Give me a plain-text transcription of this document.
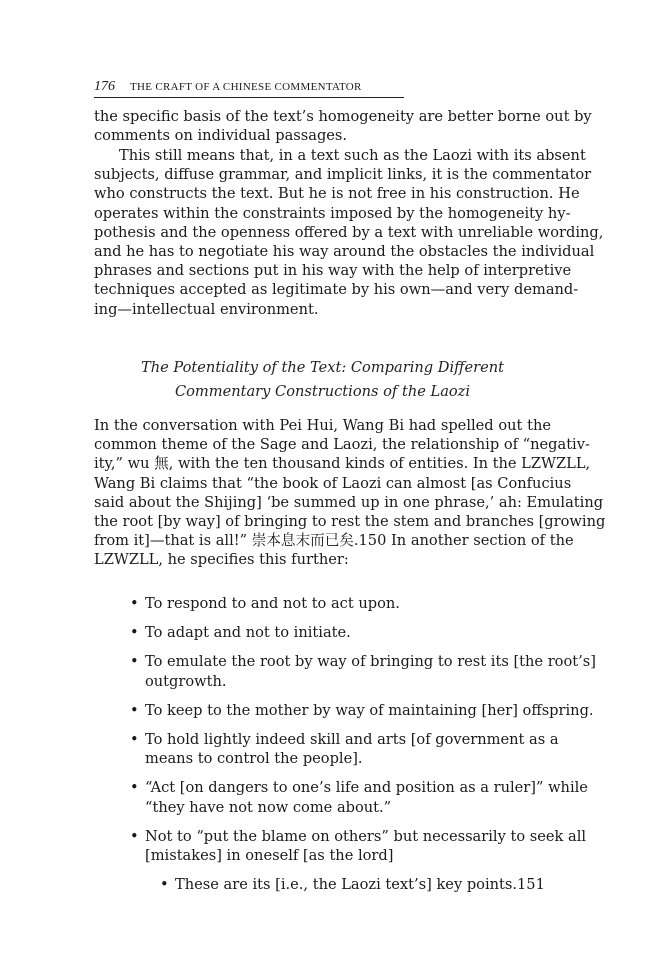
176 THE CRAFT OF A CHINESE COMMENTATOR
the specific basis of the text’s homogeneity are better borne out by
comments on individual passages.
This still means that, in a text such as the Laozi with its absent
subjects, diffuse grammar, and implicit links, it is the commentator
who constructs the text. But he is not free in his construction. He
operates within the constraints imposed by the homogeneity hy-
pothesis and the openness offered by a text with unreliable wording,
and he has to negotiate his way around the obstacles the individual
phrases and sections put in his way with the help of interpretive
techniques accepted as legitimate by his own—and very demand-
ing—intellectual environment.
The Potentiality of the Text: Comparing Different
Commentary Constructions of the Laozi
In the conversation with Pei Hui, Wang Bi had spelled out the
common theme of the Sage and Laozi, the relationship of “negativ-
ity,” wu 無, with the ten thousand kinds of entities. In the LZWZLL,
Wang Bi claims that “the book of Laozi can almost [as Confucius
said about the Shijing] ‘be summed up in one phrase,’ ah: Emulating
the root [by way] of bringing to rest the stem and branches [growing
from it]—that is all!” 崇本息末而已矣.150 In another section of the
LZWZLL, he specifies this further:
• To respond to and not to act upon.
• To adapt and not to initiate.
• To emulate the root by way of bringing to rest its [the root’s]
outgrowth.
• To keep to the mother by way of maintaining [her] offspring.
• To hold lightly indeed skill and arts [of government as a
means to control the people].
• “Act [on dangers to one’s life and position as a ruler]” while
“they have not now come about.”
• Not to “put the blame on others” but necessarily to seek all
[mistakes] in oneself [as the lord]
• These are its [i.e., the Laozi text’s] key points.151
